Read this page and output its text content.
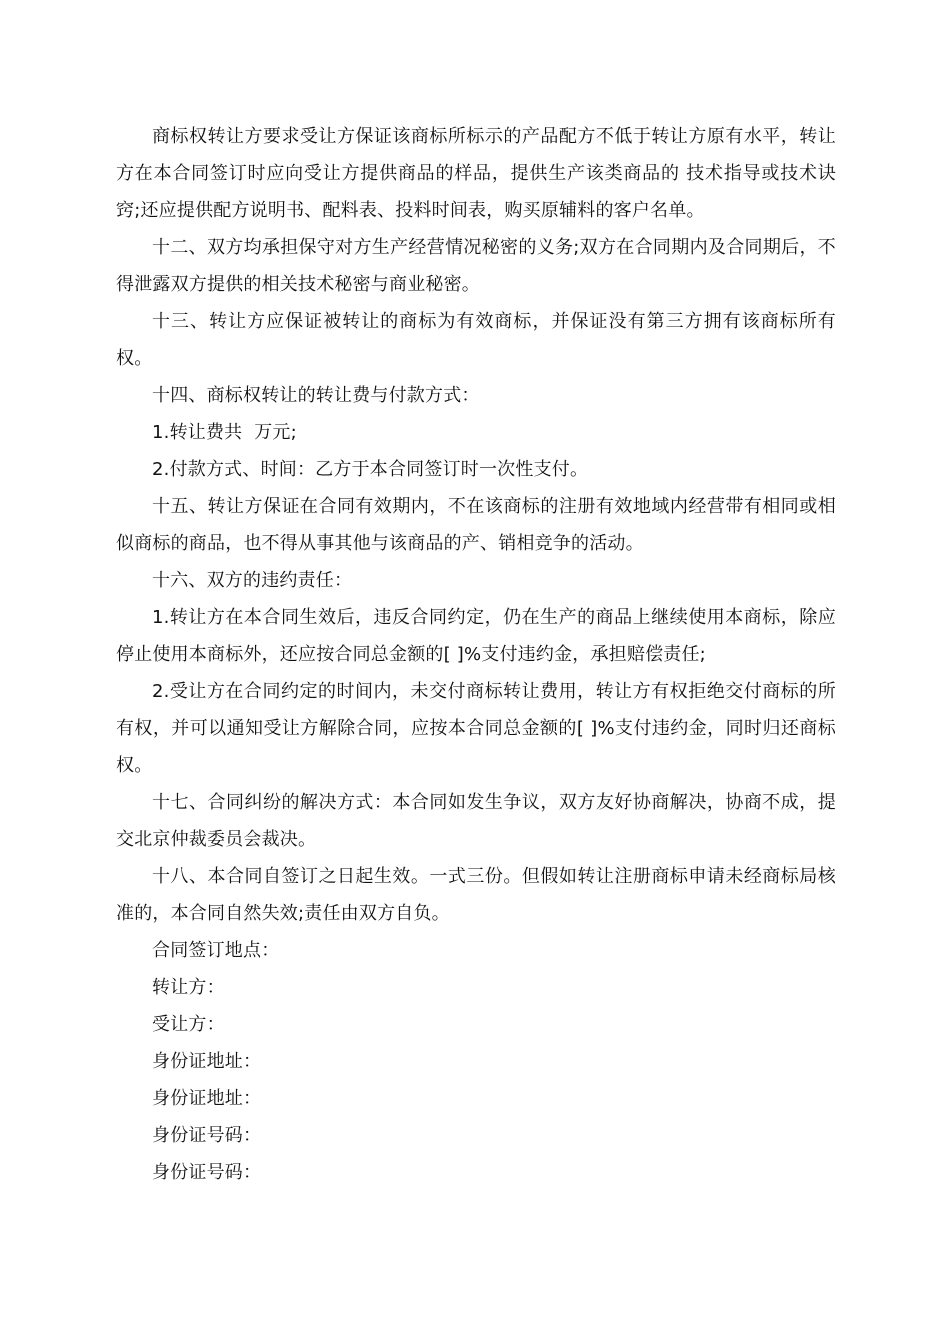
商标权转让方要求受让方保证该商标所标示的产品配方不低于转让方原有水平，转让方在本合同签订时应向受让方提供商品的样品，提供生产该类商品的 技术指导或技术诀窍;还应提供配方说明书、配料表、投料时间表，购买原辅料的客户名单。

十二、双方均承担保守对方生产经营情况秘密的义务;双方在合同期内及合同期后，不得泄露双方提供的相关技术秘密与商业秘密。

十三、转让方应保证被转让的商标为有效商标，并保证没有第三方拥有该商标所有权。

十四、商标权转让的转让费与付款方式：

1.转让费共  万元;

2.付款方式、时间：乙方于本合同签订时一次性支付。

十五、转让方保证在合同有效期内，不在该商标的注册有效地域内经营带有相同或相似商标的商品，也不得从事其他与该商品的产、销相竞争的活动。

十六、双方的违约责任：

1.转让方在本合同生效后，违反合同约定，仍在生产的商品上继续使用本商标，除应停止使用本商标外，还应按合同总金额的[ ]%支付违约金，承担赔偿责任;

2.受让方在合同约定的时间内，未交付商标转让费用，转让方有权拒绝交付商标的所有权，并可以通知受让方解除合同，应按本合同总金额的[ ]%支付违约金，同时归还商标权。

十七、合同纠纷的解决方式：本合同如发生争议，双方友好协商解决，协商不成，提交北京仲裁委员会裁决。

十八、本合同自签订之日起生效。一式三份。但假如转让注册商标申请未经商标局核准的，本合同自然失效;责任由双方自负。

合同签订地点：

转让方：

受让方：

身份证地址：

身份证地址：

身份证号码：

身份证号码：
